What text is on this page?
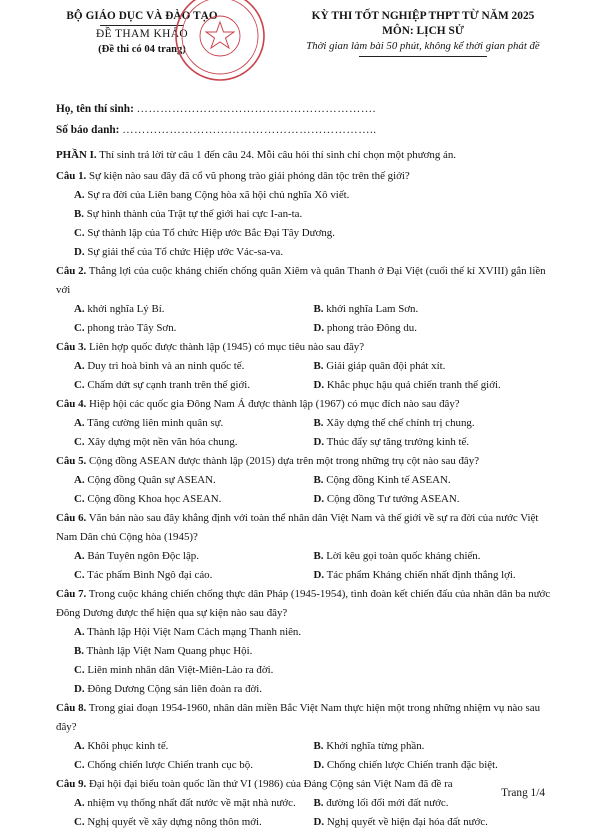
BỘ GIÁO DỤC VÀ ĐÀO TẠO
ĐỀ THAM KHẢO
(Đề thi có 04 trang)
KỲ THI TỐT NGHIỆP THPT TỪ NĂM 2025
MÔN: LỊCH SỬ
Thời gian làm bài 50 phút, không kể thời gian phát đề
Họ, tên thí sinh: …………………………………………………….
Số báo danh: ………………………………………………………..
PHẦN I. Thí sinh trả lời từ câu 1 đến câu 24. Mỗi câu hỏi thí sinh chỉ chọn một phương án.
Câu 1. Sự kiện nào sau đây đã cổ vũ phong trào giải phóng dân tộc trên thế giới?
A. Sự ra đời của Liên bang Cộng hòa xã hội chủ nghĩa Xô viết.
B. Sự hình thành của Trật tự thế giới hai cực I-an-ta.
C. Sự thành lập của Tổ chức Hiệp ước Bắc Đại Tây Dương.
D. Sự giải thể của Tổ chức Hiệp ước Vác-sa-va.
Câu 2. Thắng lợi của cuộc kháng chiến chống quân Xiêm và quân Thanh ở Đại Việt (cuối thế kỉ XVIII) gắn liền với
A. khởi nghĩa Lý Bí.	B. khởi nghĩa Lam Sơn.
C. phong trào Tây Sơn.	D. phong trào Đông du.
Câu 3. Liên hợp quốc được thành lập (1945) có mục tiêu nào sau đây?
A. Duy trì hoà bình và an ninh quốc tế.	B. Giải giáp quân đội phát xít.
C. Chấm dứt sự cạnh tranh trên thế giới.	D. Khắc phục hậu quả chiến tranh thế giới.
Câu 4. Hiệp hội các quốc gia Đông Nam Á được thành lập (1967) có mục đích nào sau đây?
A. Tăng cường liên minh quân sự.	B. Xây dựng thể chế chính trị chung.
C. Xây dựng một nền văn hóa chung.	D. Thúc đẩy sự tăng trưởng kinh tế.
Câu 5. Cộng đồng ASEAN được thành lập (2015) dựa trên một trong những trụ cột nào sau đây?
A. Cộng đồng Quân sự ASEAN.	B. Cộng đồng Kinh tế ASEAN.
C. Cộng đồng Khoa học ASEAN.	D. Cộng đồng Tư tưởng ASEAN.
Câu 6. Văn bản nào sau đây khẳng định với toàn thể nhân dân Việt Nam và thế giới về sự ra đời của nước Việt Nam Dân chủ Cộng hòa (1945)?
A. Bản Tuyên ngôn Độc lập.	B. Lời kêu gọi toàn quốc kháng chiến.
C. Tác phẩm Bình Ngô đại cáo.	D. Tác phẩm Kháng chiến nhất định thắng lợi.
Câu 7. Trong cuộc kháng chiến chống thực dân Pháp (1945-1954), tình đoàn kết chiến đấu của nhân dân ba nước Đông Dương được thể hiện qua sự kiện nào sau đây?
A. Thành lập Hội Việt Nam Cách mạng Thanh niên.
B. Thành lập Việt Nam Quang phục Hội.
C. Liên minh nhân dân Việt-Miên-Lào ra đời.
D. Đông Dương Cộng sản liên đoàn ra đời.
Câu 8. Trong giai đoạn 1954-1960, nhân dân miền Bắc Việt Nam thực hiện một trong những nhiệm vụ nào sau đây?
A. Khôi phục kinh tế.	B. Khởi nghĩa từng phần.
C. Chống chiến lược Chiến tranh cục bộ.	D. Chống chiến lược Chiến tranh đặc biệt.
Câu 9. Đại hội đại biểu toàn quốc lần thứ VI (1986) của Đảng Cộng sản Việt Nam đã đề ra
A. nhiệm vụ thống nhất đất nước về mặt nhà nước.	B. đường lối đổi mới đất nước.
C. Nghị quyết về xây dựng nông thôn mới.	D. Nghị quyết về hiện đại hóa đất nước.
Trang 1/4
